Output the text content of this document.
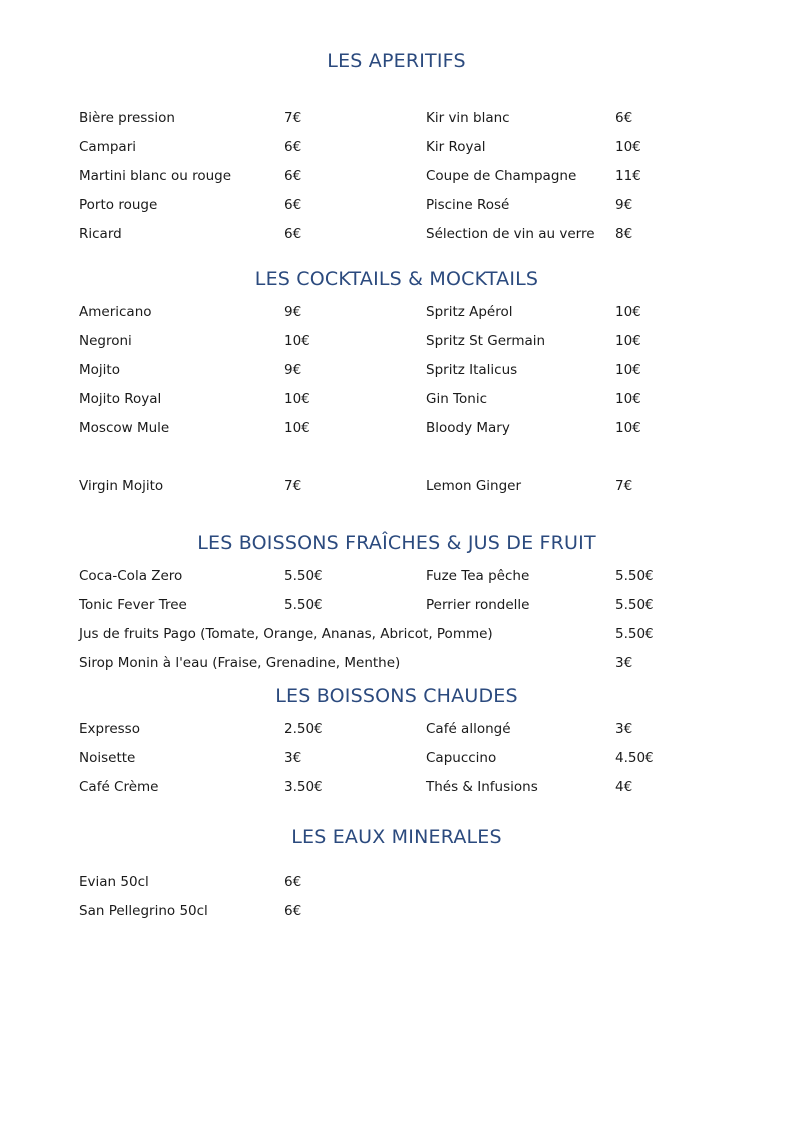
LES APERITIFS
Bière pression	7€	Kir vin blanc	6€
Campari	6€	Kir Royal	10€
Martini blanc ou rouge	6€	Coupe de Champagne	11€
Porto rouge	6€	Piscine Rosé	9€
Ricard	6€	Sélection de vin au verre 8€
LES COCKTAILS & MOCKTAILS
Americano	9€	Spritz Apérol	10€
Negroni	10€	Spritz St Germain	10€
Mojito	9€	Spritz Italicus	10€
Mojito Royal	10€	Gin Tonic	10€
Moscow Mule	10€	Bloody Mary	10€
Virgin Mojito	7€	Lemon Ginger	7€
LES BOISSONS FRAÎCHES & JUS DE FRUIT
Coca-Cola Zero	5.50€	Fuze Tea pêche	5.50€
Tonic Fever Tree	5.50€	Perrier rondelle	5.50€
Jus de fruits Pago (Tomate, Orange, Ananas, Abricot, Pomme)	5.50€
Sirop Monin à l'eau (Fraise, Grenadine, Menthe)	3€
LES BOISSONS CHAUDES
Expresso	2.50€	Café allongé	3€
Noisette	3€	Capuccino	4.50€
Café Crème	3.50€	Thés & Infusions	4€
LES EAUX MINERALES
Evian 50cl	6€
San Pellegrino 50cl	6€
